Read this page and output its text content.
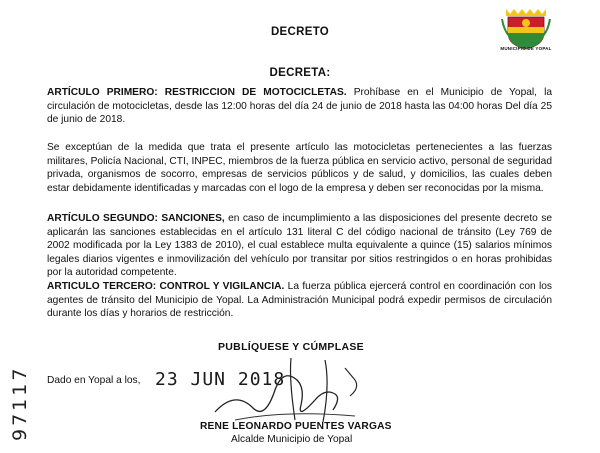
MUNICIPIO DE YOPAL
DECRETO
DECRETA:

ARTÍCULO PRIMERO: RESTRICCION DE MOTOCICLETAS. Prohíbase en el Municipio de Yopal, la circulación de motocicletas, desde las 12:00 horas del día 24 de junio de 2018 hasta las 04:00 horas Del día 25 de junio de 2018.

Se exceptúan de la medida que trata el presente artículo las motocicletas pertenecientes a las fuerzas militares, Policía Nacional, CTI, INPEC, miembros de la fuerza pública en servicio activo, personal de seguridad privada, organismos de socorro, empresas de servicios públicos y de salud, y domicilios, las cuales deben estar debidamente identificadas y marcadas con el logo de la empresa y deben ser reconocidas por la misma.

ARTÍCULO SEGUNDO: SANCIONES, en caso de incumplimiento a las disposiciones del presente decreto se aplicarán las sanciones establecidas en el artículo 131 literal C del código nacional de tránsito (Ley 769 de 2002 modificada por la Ley 1383 de 2010), el cual establece multa equivalente a quince (15) salarios mínimos legales diarios vigentes e inmovilización del vehículo por transitar por sitios restringidos o en horas prohibidas por la autoridad competente.

ARTICULO TERCERO: CONTROL Y VIGILANCIA. La fuerza pública ejercerá control en coordinación con los agentes de tránsito del Municipio de Yopal. La Administración Municipal podrá expedir permisos de circulación durante los días y horarios de restricción.

PUBLÍQUESE Y CÚMPLASE
Dado en Yopal a los, 23 JUN 2018
RENE LEONARDO PUENTES VARGAS
Alcalde Municipio de Yopal
97117
